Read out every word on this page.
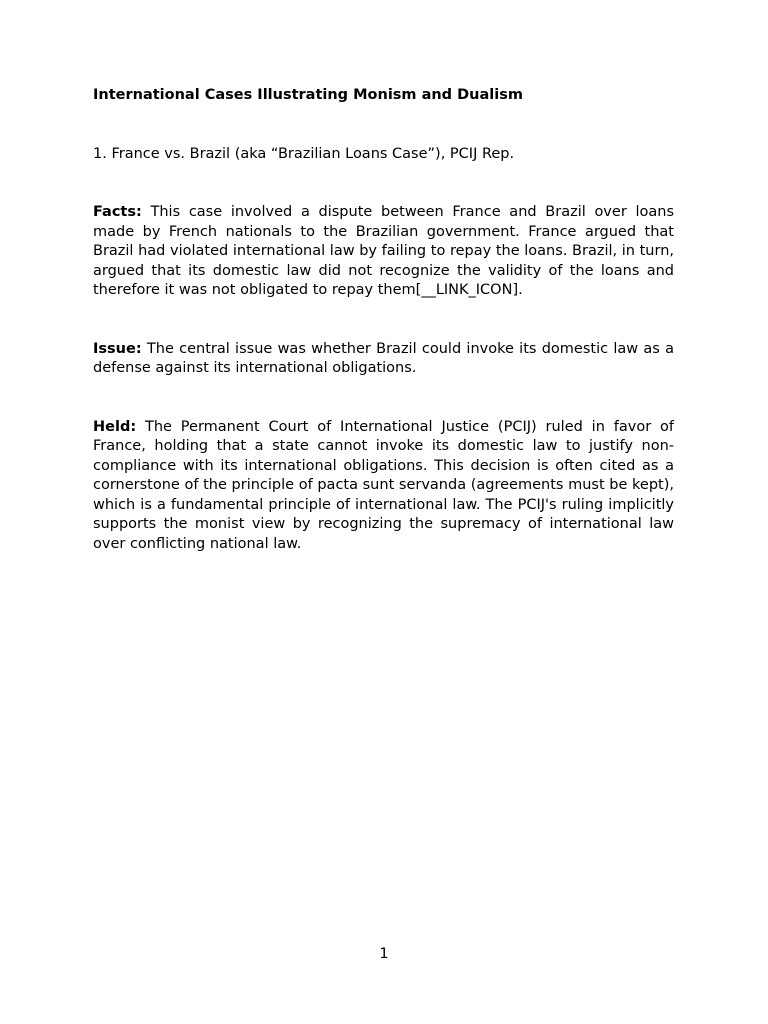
International Cases Illustrating Monism and Dualism

1. France vs. Brazil (aka “Brazilian Loans Case”), PCIJ Rep.

Facts: This case involved a dispute between France and Brazil over loans made by French nationals to the Brazilian government. France argued that Brazil had violated international law by failing to repay the loans. Brazil, in turn, argued that its domestic law did not recognize the validity of the loans and therefore it was not obligated to repay them[__LINK_ICON].

Issue: The central issue was whether Brazil could invoke its domestic law as a defense against its international obligations.

Held: The Permanent Court of International Justice (PCIJ) ruled in favor of France, holding that a state cannot invoke its domestic law to justify non-compliance with its international obligations. This decision is often cited as a cornerstone of the principle of pacta sunt servanda (agreements must be kept), which is a fundamental principle of international law. The PCIJ's ruling implicitly supports the monist view by recognizing the supremacy of international law over conflicting national law.

1
